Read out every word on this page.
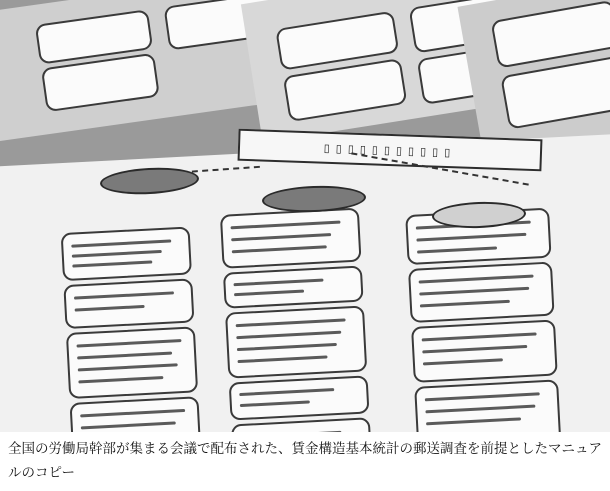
▯▯▯▯▯▯▯▯▯▯▯
全国の労働局幹部が集まる会議で配布された、賃金構造基本統計の郵送調査を前提としたマニュアルのコピー
